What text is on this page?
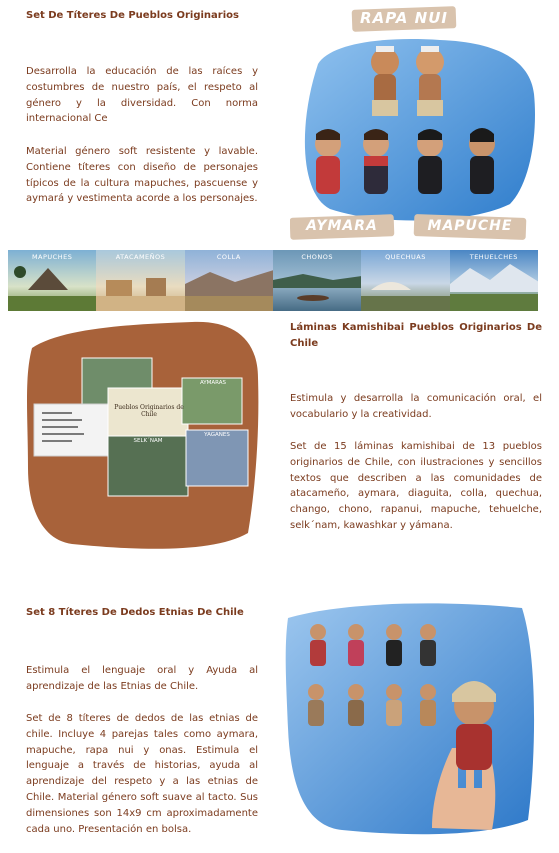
Set De Títeres De Pueblos Originarios
Desarrolla la educación de las raíces y costumbres de nuestro país, el respeto al género y la diversidad. Con norma internacional Ce
Material género soft resistente y lavable. Contiene títeres con diseño de personajes típicos de la cultura mapuches, pascuense y aymará y vestimenta acorde a los personajes.
RAPA NUI
AYMARA	MAPUCHE
MAPUCHES	ATACAMEÑOS	COLLA	CHONOS	QUECHUAS	TEHUELCHES
Pueblos Originarios de Chile
AYMARAS
SELK´NAM
YAGANES
Láminas Kamishibai Pueblos Originarios De Chile
Estimula y desarrolla la comunicación oral, el vocabulario y la creatividad.
Set de 15 láminas kamishibai de 13 pueblos originarios de Chile, con ilustraciones y sencillos textos que describen a las comunidades de atacameño, aymara, diaguita, colla, quechua, chango, chono, rapanui, mapuche, tehuelche, selk´nam, kawashkar y yámana.
Set 8 Títeres De Dedos Etnias De Chile
Estimula el lenguaje oral y Ayuda al aprendizaje de las Etnias de Chile.
Set de 8 títeres de dedos de las etnias de chile. Incluye 4 parejas tales como aymara, mapuche, rapa nui y onas. Estimula el lenguaje a través de historias, ayuda al aprendizaje del respeto y a las etnias de Chile. Material género soft suave al tacto. Sus dimensiones son 14x9 cm aproximadamente cada uno. Presentación en bolsa.
